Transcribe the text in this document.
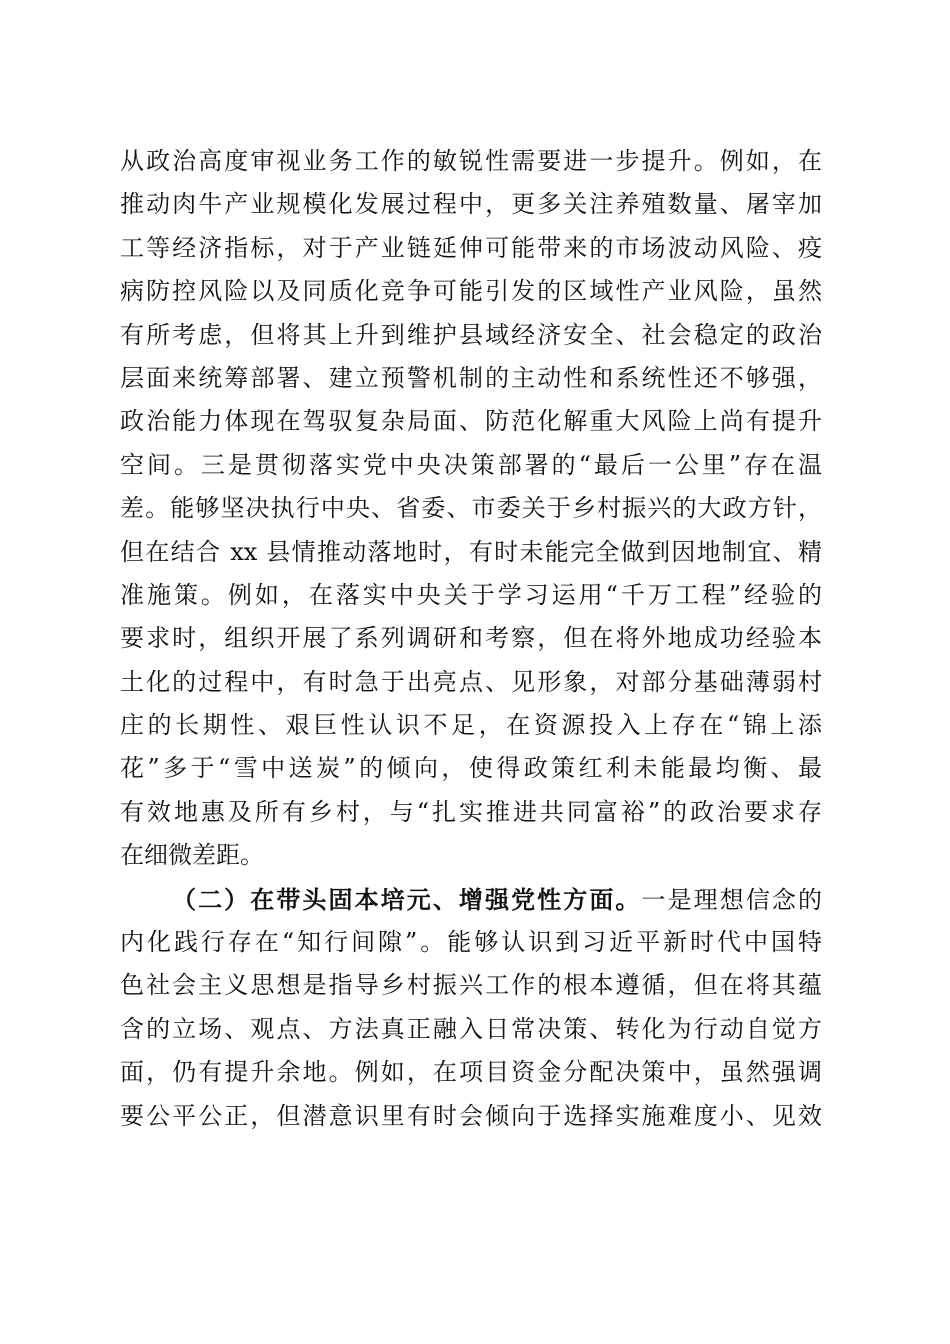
从政治高度审视业务工作的敏锐性需要进一步提升。例如，在
推动肉牛产业规模化发展过程中，更多关注养殖数量、屠宰加
工等经济指标，对于产业链延伸可能带来的市场波动风险、疫
病防控风险以及同质化竞争可能引发的区域性产业风险，虽然
有所考虑，但将其上升到维护县域经济安全、社会稳定的政治
层面来统筹部署、建立预警机制的主动性和系统性还不够强，
政治能力体现在驾驭复杂局面、防范化解重大风险上尚有提升
空间。三是贯彻落实党中央决策部署的“最后一公里”存在温
差。能够坚决执行中央、省委、市委关于乡村振兴的大政方针，
但在结合 xx 县情推动落地时，有时未能完全做到因地制宜、精
准施策。例如，在落实中央关于学习运用“千万工程”经验的
要求时，组织开展了系列调研和考察，但在将外地成功经验本
土化的过程中，有时急于出亮点、见形象，对部分基础薄弱村
庄的长期性、艰巨性认识不足，在资源投入上存在“锦上添
花”多于“雪中送炭”的倾向，使得政策红利未能最均衡、最
有效地惠及所有乡村，与“扎实推进共同富裕”的政治要求存
在细微差距。
（二）在带头固本培元、增强党性方面。一是理想信念的
内化践行存在“知行间隙”。能够认识到习近平新时代中国特
色社会主义思想是指导乡村振兴工作的根本遵循，但在将其蕴
含的立场、观点、方法真正融入日常决策、转化为行动自觉方
面，仍有提升余地。例如，在项目资金分配决策中，虽然强调
要公平公正，但潜意识里有时会倾向于选择实施难度小、见效
